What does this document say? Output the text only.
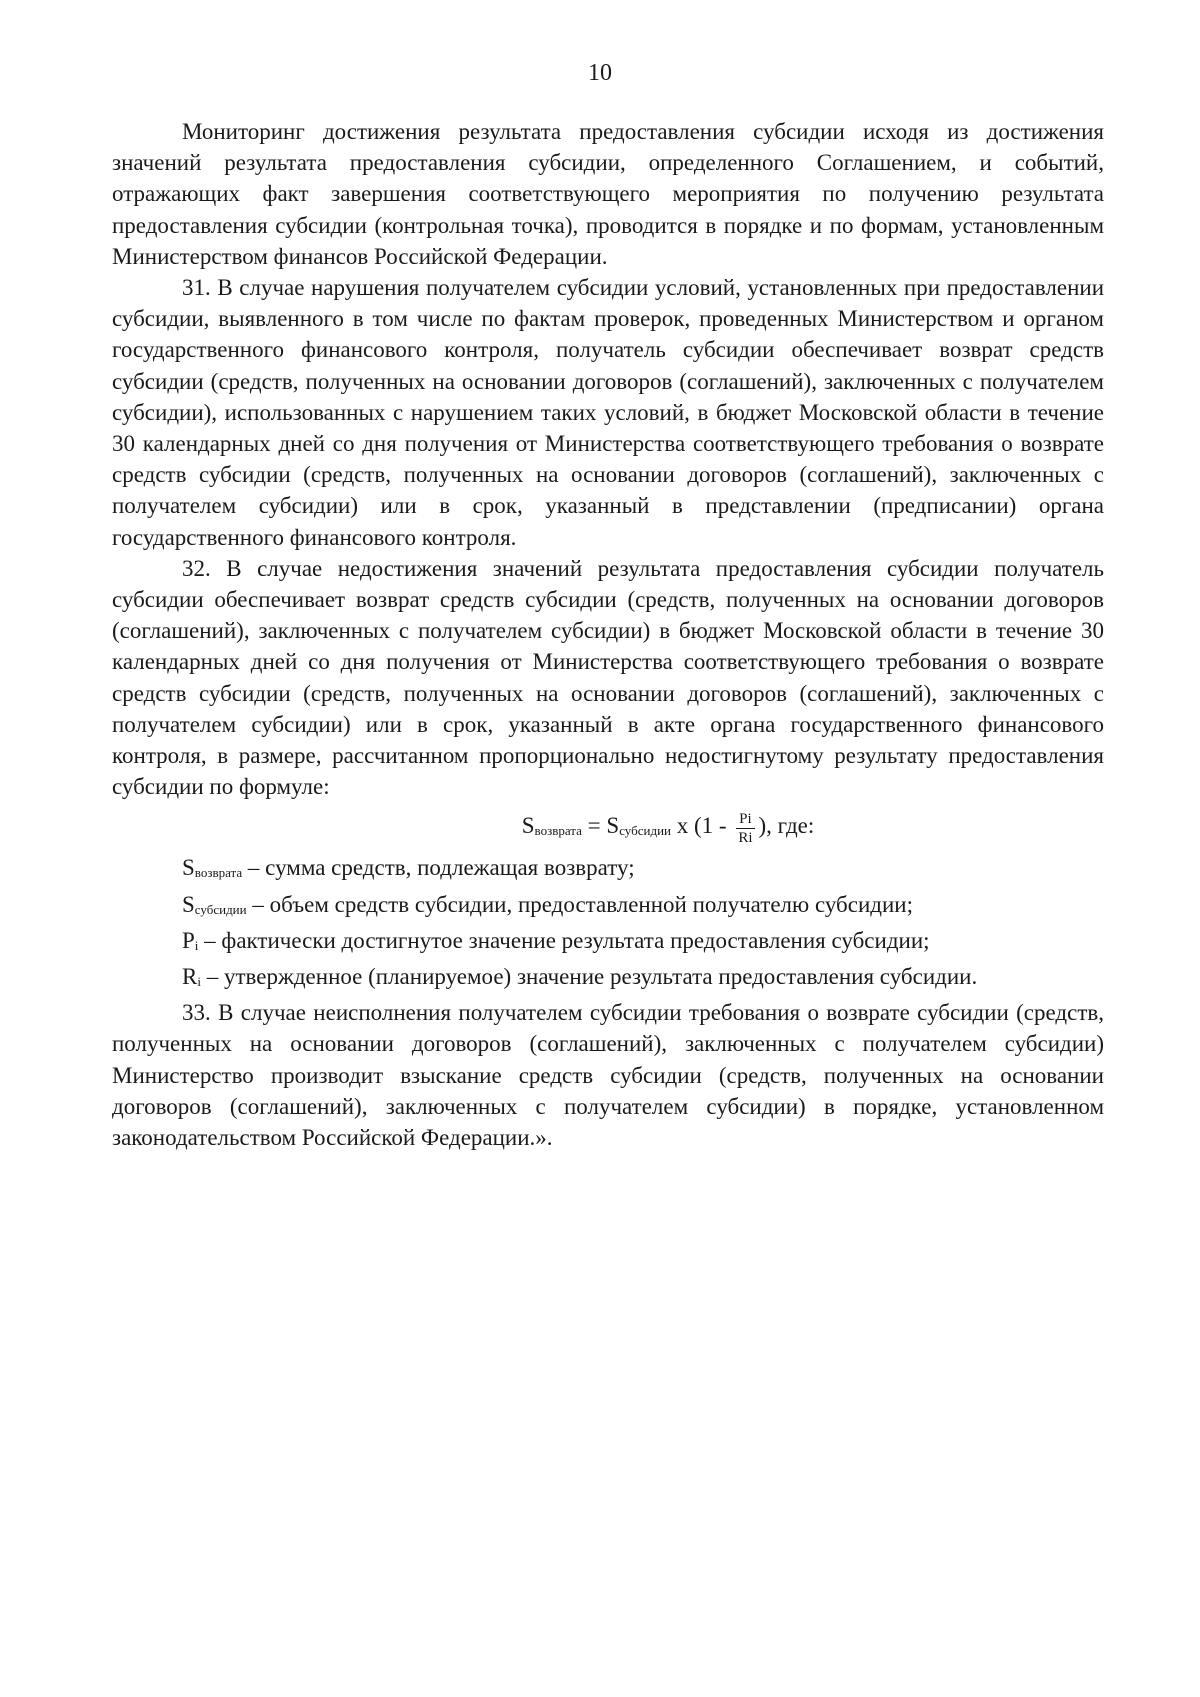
10

Мониторинг достижения результата предоставления субсидии исходя из достижения значений результата предоставления субсидии, определенного Соглашением, и событий, отражающих факт завершения соответствующего мероприятия по получению результата предоставления субсидии (контрольная точка), проводится в порядке и по формам, установленным Министерством финансов Российской Федерации.

31. В случае нарушения получателем субсидии условий, установленных при предоставлении субсидии, выявленного в том числе по фактам проверок, проведенных Министерством и органом государственного финансового контроля, получатель субсидии обеспечивает возврат средств субсидии (средств, полученных на основании договоров (соглашений), заключенных с получателем субсидии), использованных с нарушением таких условий, в бюджет Московской области в течение 30 календарных дней со дня получения от Министерства соответствующего требования о возврате средств субсидии (средств, полученных на основании договоров (соглашений), заключенных с получателем субсидии) или в срок, указанный в представлении (предписании) органа государственного финансового контроля.

32. В случае недостижения значений результата предоставления субсидии получатель субсидии обеспечивает возврат средств субсидии (средств, полученных на основании договоров (соглашений), заключенных с получателем субсидии) в бюджет Московской области в течение 30 календарных дней со дня получения от Министерства соответствующего требования о возврате средств субсидии (средств, полученных на основании договоров (соглашений), заключенных с получателем субсидии) или в срок, указанный в акте органа государственного финансового контроля, в размере, рассчитанном пропорционально недостигнутому результату предоставления субсидии по формуле:

$S_{возврата} = S_{субсидии}$ х ($1 - \frac{Pi}{Ri}$ ), где:

$S_{возврата}$ – сумма средств, подлежащая возврату;

$S_{субсидии}$ – объем средств субсидии, предоставленной получателю субсидии;

$P_i$ – фактически достигнутое значение результата предоставления субсидии;

$R_i$ – утвержденное (планируемое) значение результата предоставления субсидии.

33. В случае неисполнения получателем субсидии требования о возврате субсидии (средств, полученных на основании договоров (соглашений), заключенных с получателем субсидии) Министерство производит взыскание средств субсидии (средств, полученных на основании договоров (соглашений), заключенных с получателем субсидии) в порядке, установленном законодательством Российской Федерации.».
